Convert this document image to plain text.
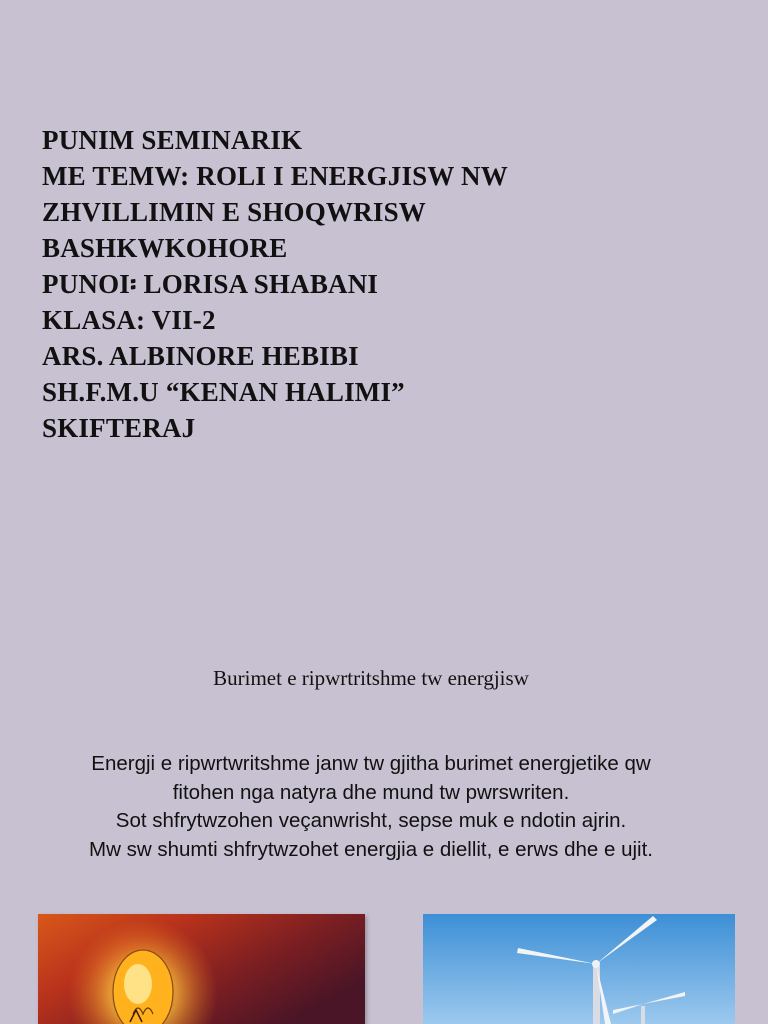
PUNIM SEMINARIK
ME TEMW: ROLI I ENERGJISW NW
ZHVILLIMIN E SHOQWRISW
BASHKWKOHORE
PUNOI፡ LORISA SHABANI
KLASA: VII-2
ARS. ALBINORE HEBIBI
SH.F.M.U “KENAN HALIMI”
SKIFTERAJ
Burimet e ripwrtritshme tw energjisw
Energji e ripwrtwritshme janw tw gjitha burimet energjetike qw
fitohen nga natyra dhe mund tw pwrswriten.
Sot shfrytwzohen veçanwrisht, sepse muk e ndotin ajrin.
Mw sw shumti shfrytwzohet energjia e diellit, e erws dhe e ujit.
